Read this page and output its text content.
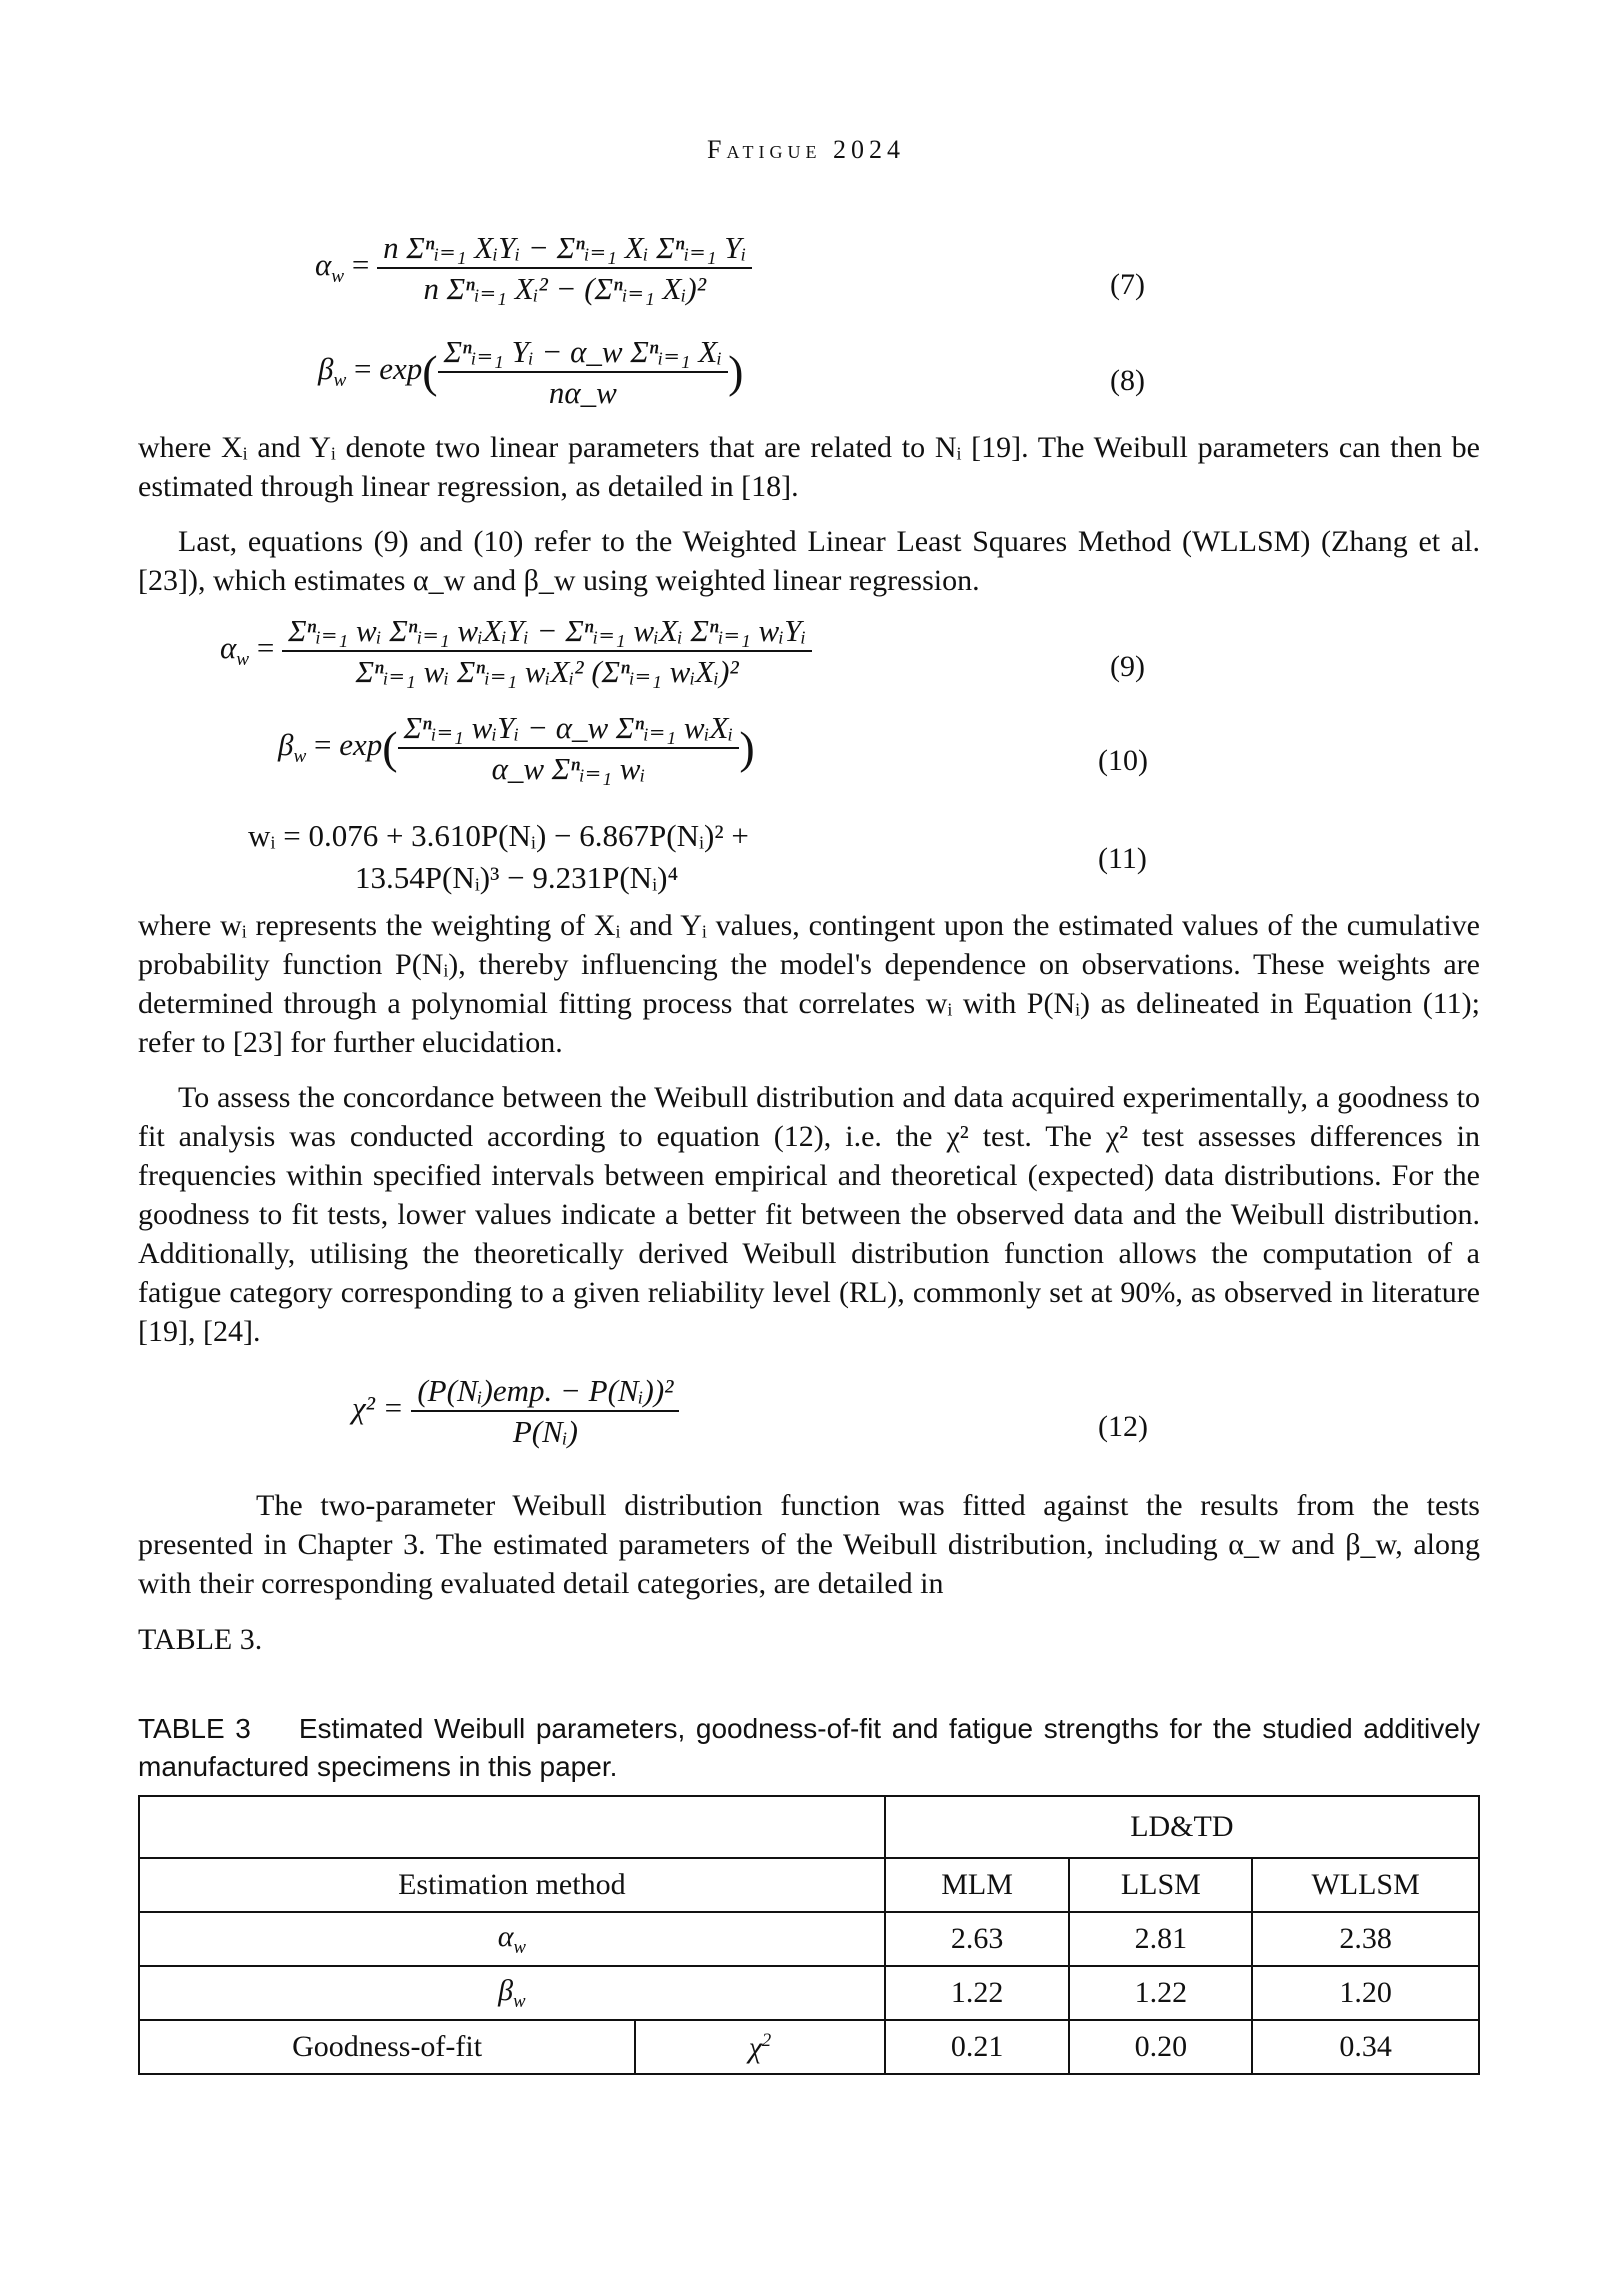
Fatigue 2024
$\alpha_w = \frac{\text{n Σⁿᵢ₌₁ XᵢYᵢ − Σⁿᵢ₌₁ Xᵢ Σⁿᵢ₌₁ Yᵢ}}{\text{n Σⁿᵢ₌₁ Xᵢ² − (Σⁿᵢ₌₁ Xᵢ)²}}$	(7)
$\beta_w = \exp( \frac{\text{Σⁿᵢ₌₁ Yᵢ − α\_w Σⁿᵢ₌₁ Xᵢ}}{n\alpha\_w}$ )	(8)
where Xᵢ and Yᵢ denote two linear parameters that are related to Nᵢ [19]. The Weibull parameters can then be estimated through linear regression, as detailed in [18].
Last, equations (9) and (10) refer to the Weighted Linear Least Squares Method (WLLSM) (Zhang et al. [23]), which estimates α_w and β_w using weighted linear regression.
$\alpha_w = \frac{\text{Σⁿᵢ₌₁ wᵢ Σⁿᵢ₌₁ wᵢXᵢYᵢ − Σⁿᵢ₌₁ wᵢXᵢ Σⁿᵢ₌₁ wᵢYᵢ}}{\text{Σⁿᵢ₌₁ wᵢ Σⁿᵢ₌₁ wᵢXᵢ² (Σⁿᵢ₌₁ wᵢXᵢ)²}}$	(9)
$\beta_w = \exp( \frac{\text{Σⁿᵢ₌₁ wᵢYᵢ − α\_w Σⁿᵢ₌₁ wᵢXᵢ}}{\text{α\_w Σⁿᵢ₌₁ wᵢ}}$ )	(10)
wᵢ = 0.076 + 3.610P(Nᵢ) − 6.867P(Nᵢ)² +
13.54P(Nᵢ)³ − 9.231P(Nᵢ)⁴
(11)
where wᵢ represents the weighting of Xᵢ and Yᵢ values, contingent upon the estimated values of the cumulative probability function P(Nᵢ), thereby influencing the model's dependence on observations. These weights are determined through a polynomial fitting process that correlates wᵢ with P(Nᵢ) as delineated in Equation (11); refer to [23] for further elucidation.
To assess the concordance between the Weibull distribution and data acquired experimentally, a goodness to fit analysis was conducted according to equation (12), i.e. the χ² test. The χ² test assesses differences in frequencies within specified intervals between empirical and theoretical (expected) data distributions. For the goodness to fit tests, lower values indicate a better fit between the observed data and the Weibull distribution. Additionally, utilising the theoretically derived Weibull distribution function allows the computation of a fatigue category corresponding to a given reliability level (RL), commonly set at 90%, as observed in literature [19], [24].
$\chi^2 = \frac{\text{(P(Nᵢ)emp. − P(Nᵢ))²}}{\text{P(Nᵢ)}}$	(12)
The two-parameter Weibull distribution function was fitted against the results from the tests presented in Chapter 3. The estimated parameters of the Weibull distribution, including α_w and β_w, along with their corresponding evaluated detail categories, are detailed in
TABLE 3.
TABLE 3 Estimated Weibull parameters, goodness-of-fit and fatigue strengths for the studied additively manufactured specimens in this paper.
		LD&TD		
Estimation method		MLM	LLSM	WLLSM
$\alpha_w$		2.63	2.81	2.38
$\beta_w$		1.22	1.22	1.20
Goodness-of-fit	$\chi^2$	0.21	0.20	0.34
